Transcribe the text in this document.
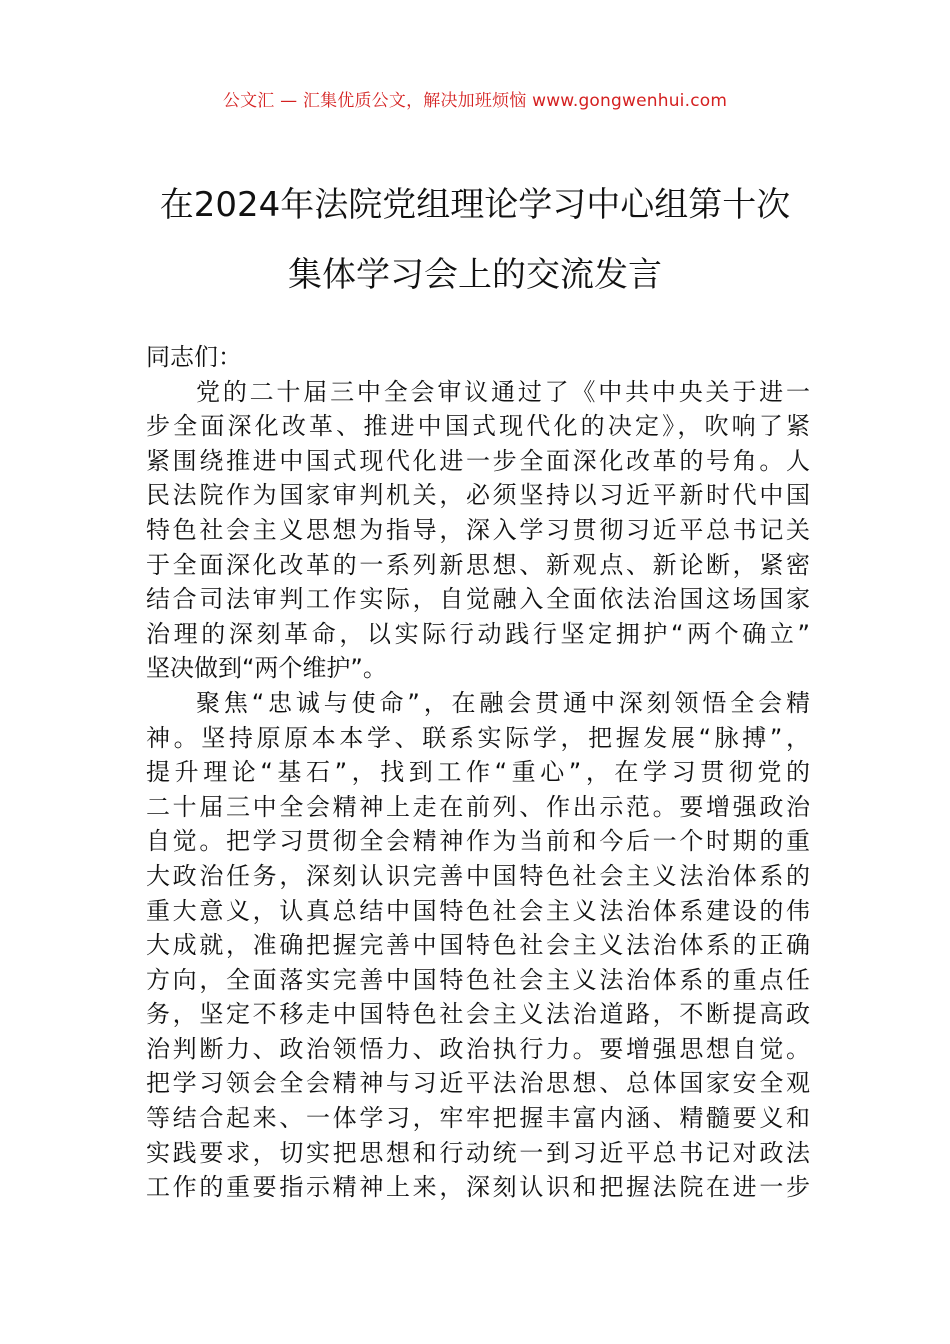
公文汇 — 汇集优质公文，解决加班烦恼 www.gongwenhui.com
在2024年法院党组理论学习中心组第十次
集体学习会上的交流发言
同志们：
党的二十届三中全会审议通过了《中共中央关于进一
步全面深化改革、推进中国式现代化的决定》，吹响了紧
紧围绕推进中国式现代化进一步全面深化改革的号角。人
民法院作为国家审判机关，必须坚持以习近平新时代中国
特色社会主义思想为指导，深入学习贯彻习近平总书记关
于全面深化改革的一系列新思想、新观点、新论断，紧密
结合司法审判工作实际，自觉融入全面依法治国这场国家
治理的深刻革命，以实际行动践行坚定拥护“两个确立”
坚决做到“两个维护”。
聚焦“忠诚与使命”，在融会贯通中深刻领悟全会精
神。坚持原原本本学、联系实际学，把握发展“脉搏”，
提升理论“基石”，找到工作“重心”，在学习贯彻党的
二十届三中全会精神上走在前列、作出示范。要增强政治
自觉。把学习贯彻全会精神作为当前和今后一个时期的重
大政治任务，深刻认识完善中国特色社会主义法治体系的
重大意义，认真总结中国特色社会主义法治体系建设的伟
大成就，准确把握完善中国特色社会主义法治体系的正确
方向，全面落实完善中国特色社会主义法治体系的重点任
务，坚定不移走中国特色社会主义法治道路，不断提高政
治判断力、政治领悟力、政治执行力。要增强思想自觉。
把学习领会全会精神与习近平法治思想、总体国家安全观
等结合起来、一体学习，牢牢把握丰富内涵、精髓要义和
实践要求，切实把思想和行动统一到习近平总书记对政法
工作的重要指示精神上来，深刻认识和把握法院在进一步
